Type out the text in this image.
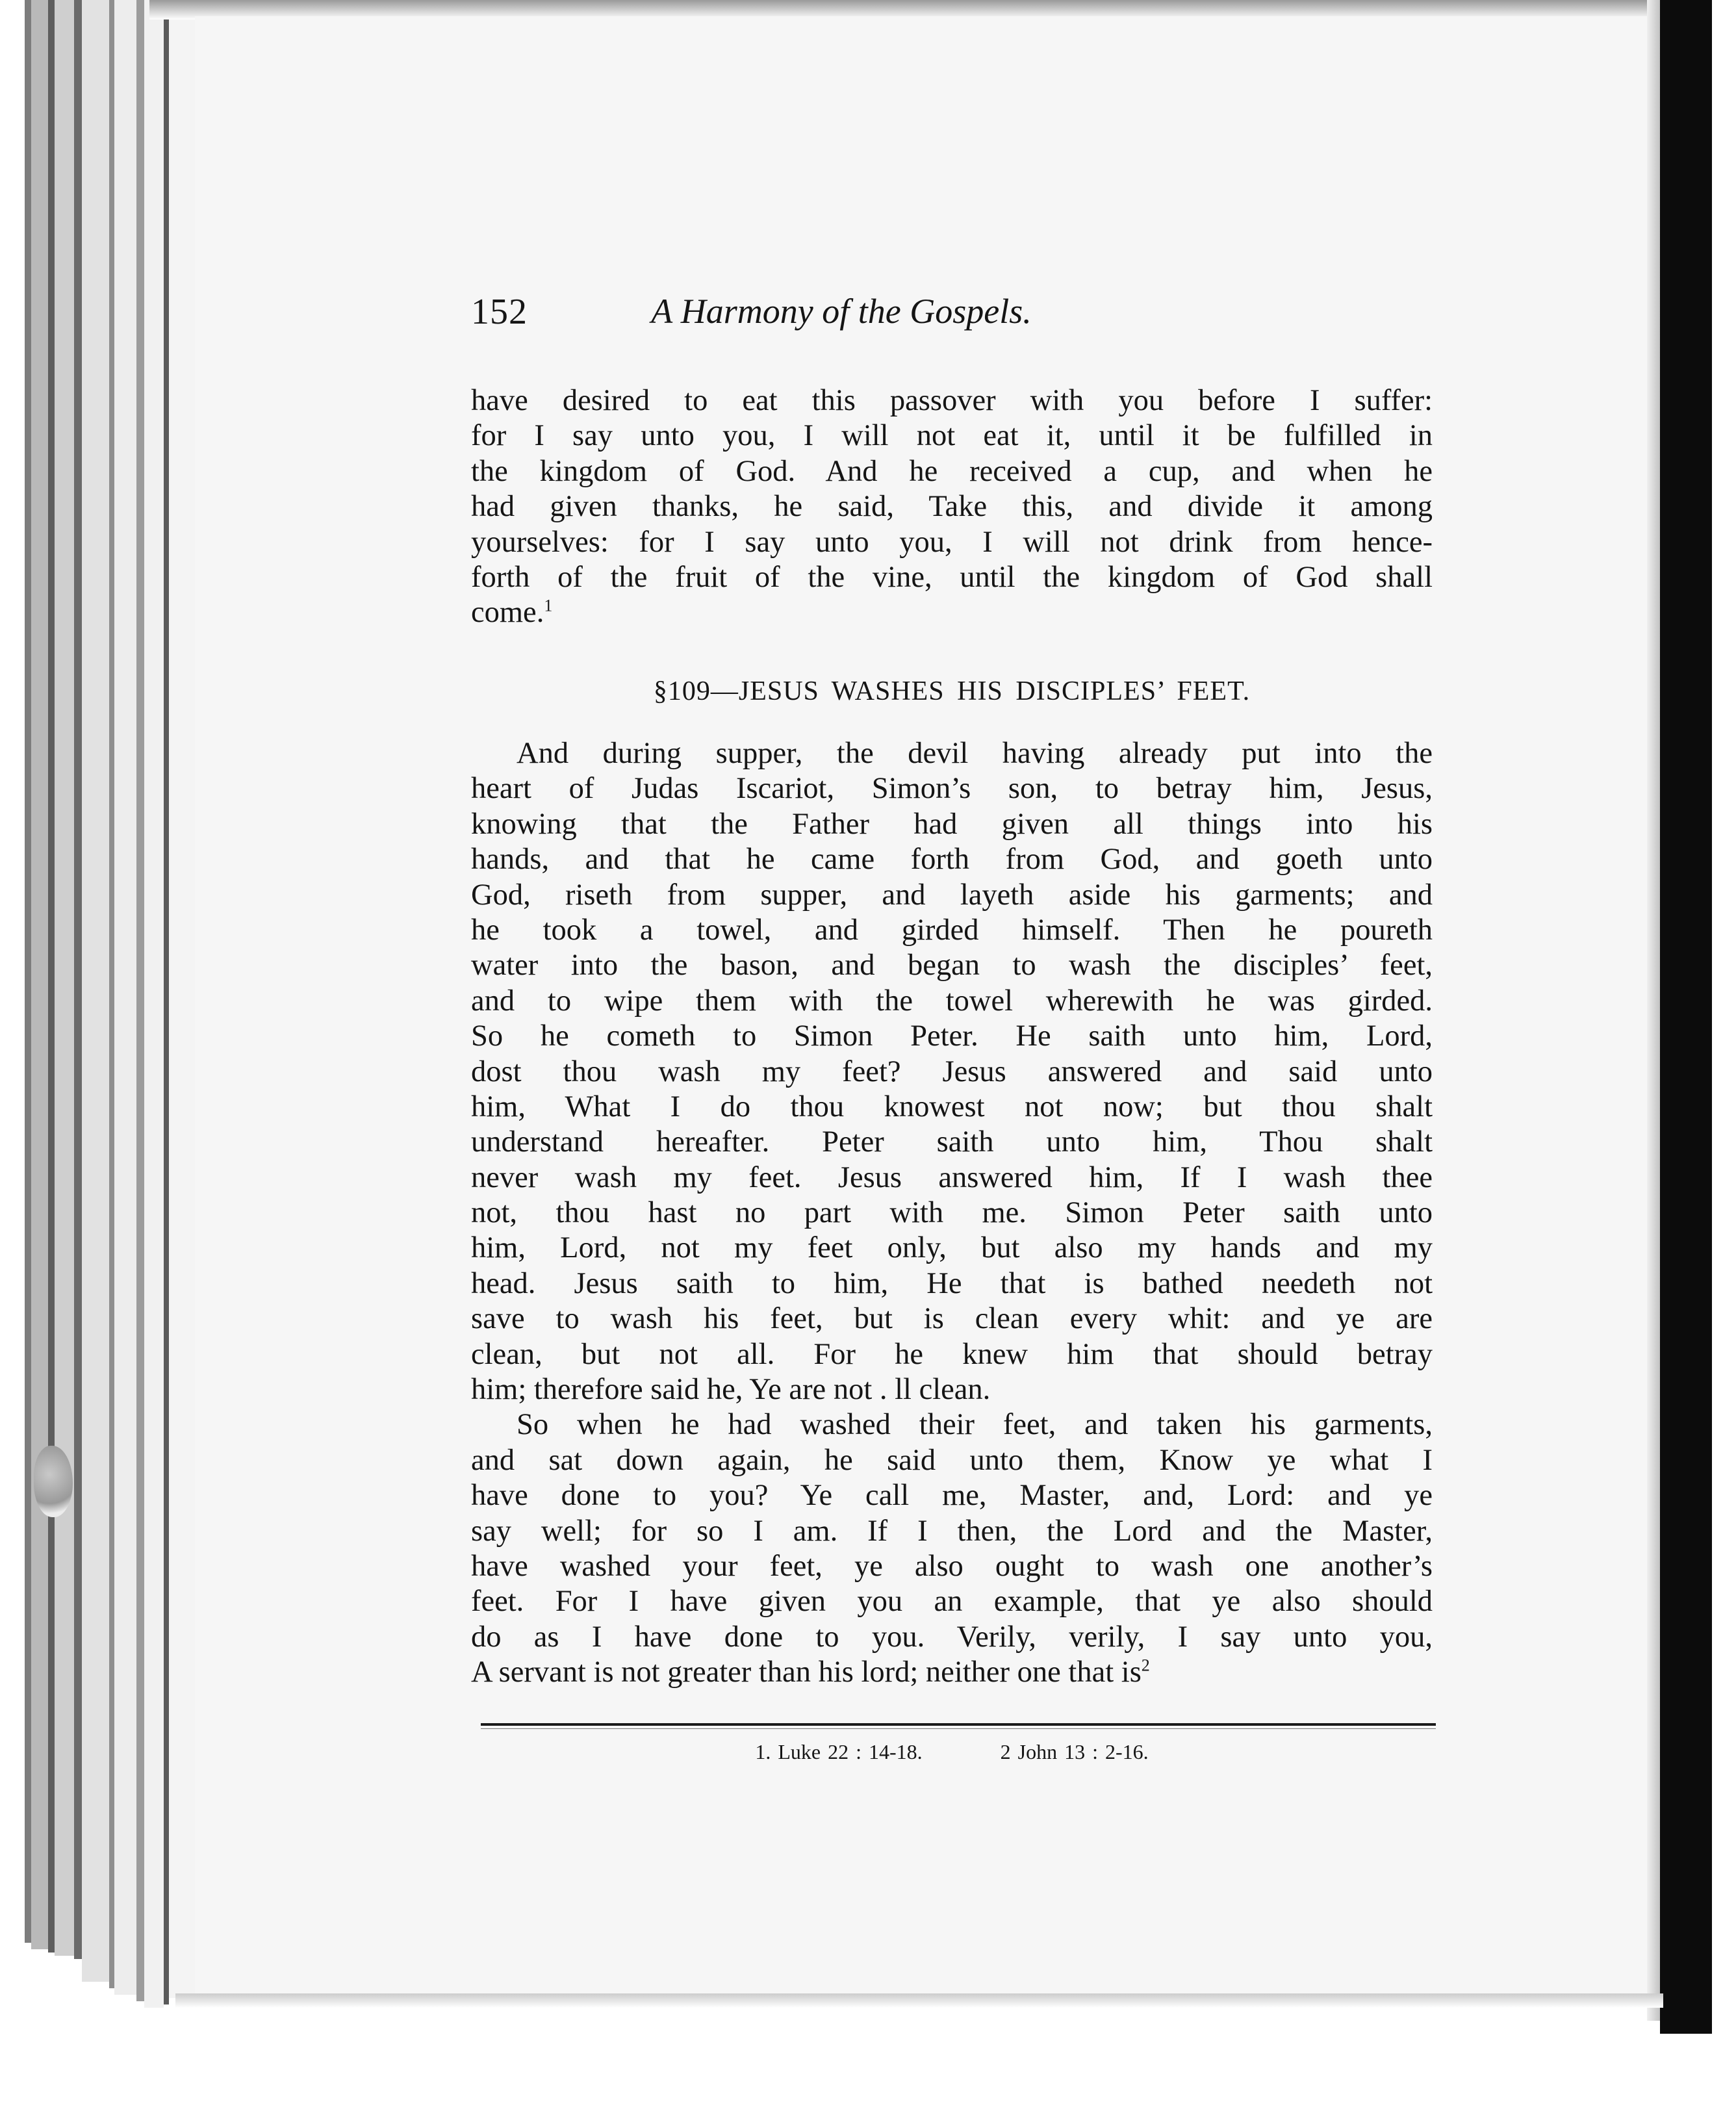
152	A Harmony of the Gospels.
have desired to eat this passover with you before I suffer:
for I say unto you, I will not eat it, until it be fulfilled in
the kingdom of God. And he received a cup, and when he
had given thanks, he said, Take this, and divide it among
yourselves: for I say unto you, I will not drink from hence-
forth of the fruit of the vine, until the kingdom of God shall
come.$^1$
§109—JESUS WASHES HIS DISCIPLES’ FEET.
And during supper, the devil having already put into the
heart of Judas Iscariot, Simon’s son, to betray him, Jesus,
knowing that the Father had given all things into his
hands, and that he came forth from God, and goeth unto
God, riseth from supper, and layeth aside his garments; and
he took a towel, and girded himself. Then he poureth
water into the bason, and began to wash the disciples’ feet,
and to wipe them with the towel wherewith he was girded.
So he cometh to Simon Peter. He saith unto him, Lord,
dost thou wash my feet? Jesus answered and said unto
him, What I do thou knowest not now; but thou shalt
understand hereafter. Peter saith unto him, Thou shalt
never wash my feet. Jesus answered him, If I wash thee
not, thou hast no part with me. Simon Peter saith unto
him, Lord, not my feet only, but also my hands and my
head. Jesus saith to him, He that is bathed needeth not
save to wash his feet, but is clean every whit: and ye are
clean, but not all. For he knew him that should betray
him; therefore said he, Ye are not . ll clean.
So when he had washed their feet, and taken his garments,
and sat down again, he said unto them, Know ye what I
have done to you? Ye call me, Master, and, Lord: and ye
say well; for so I am. If I then, the Lord and the Master,
have washed your feet, ye also ought to wash one another’s
feet. For I have given you an example, that ye also should
do as I have done to you. Verily, verily, I say unto you,
A servant is not greater than his lord; neither one that $is^2$
1. Luke 22 : 14-18.	2 John 13 : 2-16.
